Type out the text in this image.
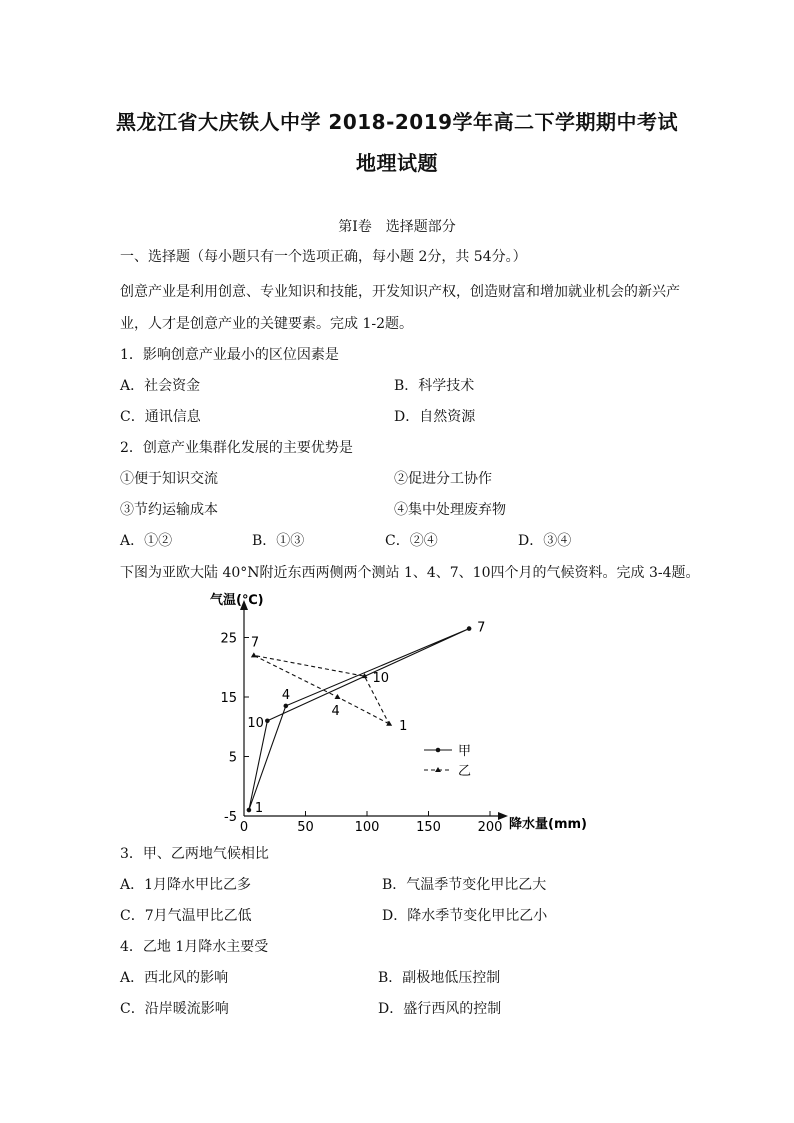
黑龙江省大庆铁人中学 2018-2019学年高二下学期期中考试
地理试题
第Ⅰ卷　选择题部分
一、选择题（每小题只有一个选项正确，每小题 2分，共 54分。）
创意产业是利用创意、专业知识和技能，开发知识产权，创造财富和增加就业机会的新兴产
业，人才是创意产业的关键要素。完成 1-2题。
1．影响创意产业最小的区位因素是
A．社会资金	B．科学技术
C．通讯信息	D．自然资源
2．创意产业集群化发展的主要优势是
①便于知识交流	②促进分工协作
③节约运输成本	④集中处理废弃物
A．①②	B．①③	C．②④	D．③④
下图为亚欧大陆 40°N附近东西两侧两个测站 1、4、7、10四个月的气候资料。完成 3-4题。
气温(℃)
降水量(mm)
-5
5
15
25
0	50	100	150	200
1
4
7
10	1
4
7
10
甲
乙
3．甲、乙两地气候相比
A．1月降水甲比乙多	B．气温季节变化甲比乙大
C．7月气温甲比乙低	D．降水季节变化甲比乙小
4．乙地 1月降水主要受
A．西北风的影响	B．副极地低压控制
C．沿岸暖流影响	D．盛行西风的控制
